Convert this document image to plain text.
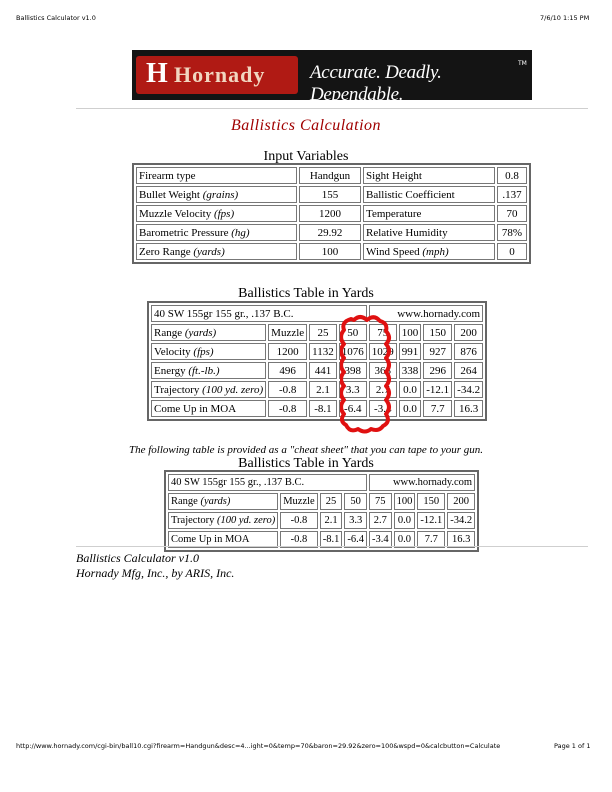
Ballistics Calculator v1.0	7/6/10 1:15 PM
H Hornady Accurate. Deadly. Dependable.
TM
Ballistics Calculation
Input Variables
Firearm type	Handgun	Sight Height	0.8
Bullet Weight (grains)	155	Ballistic Coefficient	.137
Muzzle Velocity (fps)	1200	Temperature	70
Barometric Pressure (hg)	29.92	Relative Humidity	78%
Zero Range (yards)	100	Wind Speed (mph)	0
Ballistics Table in Yards
40 SW 155gr 155 gr., .137 B.C.				www.hornady.com			
Range (yards)	Muzzle	25	50	75	100	150	200
Velocity (fps)	1200	1132	1076	1029	991	927	876
Energy (ft.-lb.)	496	441	398	365	338	296	264
Trajectory (100 yd. zero)	-0.8	2.1	3.3	2.7	0.0	-12.1	-34.2
Come Up in MOA	-0.8	-8.1	-6.4	-3.4	0.0	7.7	16.3
The following table is provided as a "cheat sheet" that you can tape to your gun.
Ballistics Table in Yards
40 SW 155gr 155 gr., .137 B.C.				www.hornady.com			
Range (yards)	Muzzle	25	50	75	100	150	200
Trajectory (100 yd. zero)	-0.8	2.1	3.3	2.7	0.0	-12.1	-34.2
Come Up in MOA	-0.8	-8.1	-6.4	-3.4	0.0	7.7	16.3
Ballistics Calculator v1.0
Hornady Mfg, Inc., by ARIS, Inc.
http://www.hornady.com/cgi-bin/ball10.cgi?firearm=Handgun&desc=4...ight=0&temp=70&baron=29.92&zero=100&wspd=0&calcbutton=Calculate	Page 1 of 1
